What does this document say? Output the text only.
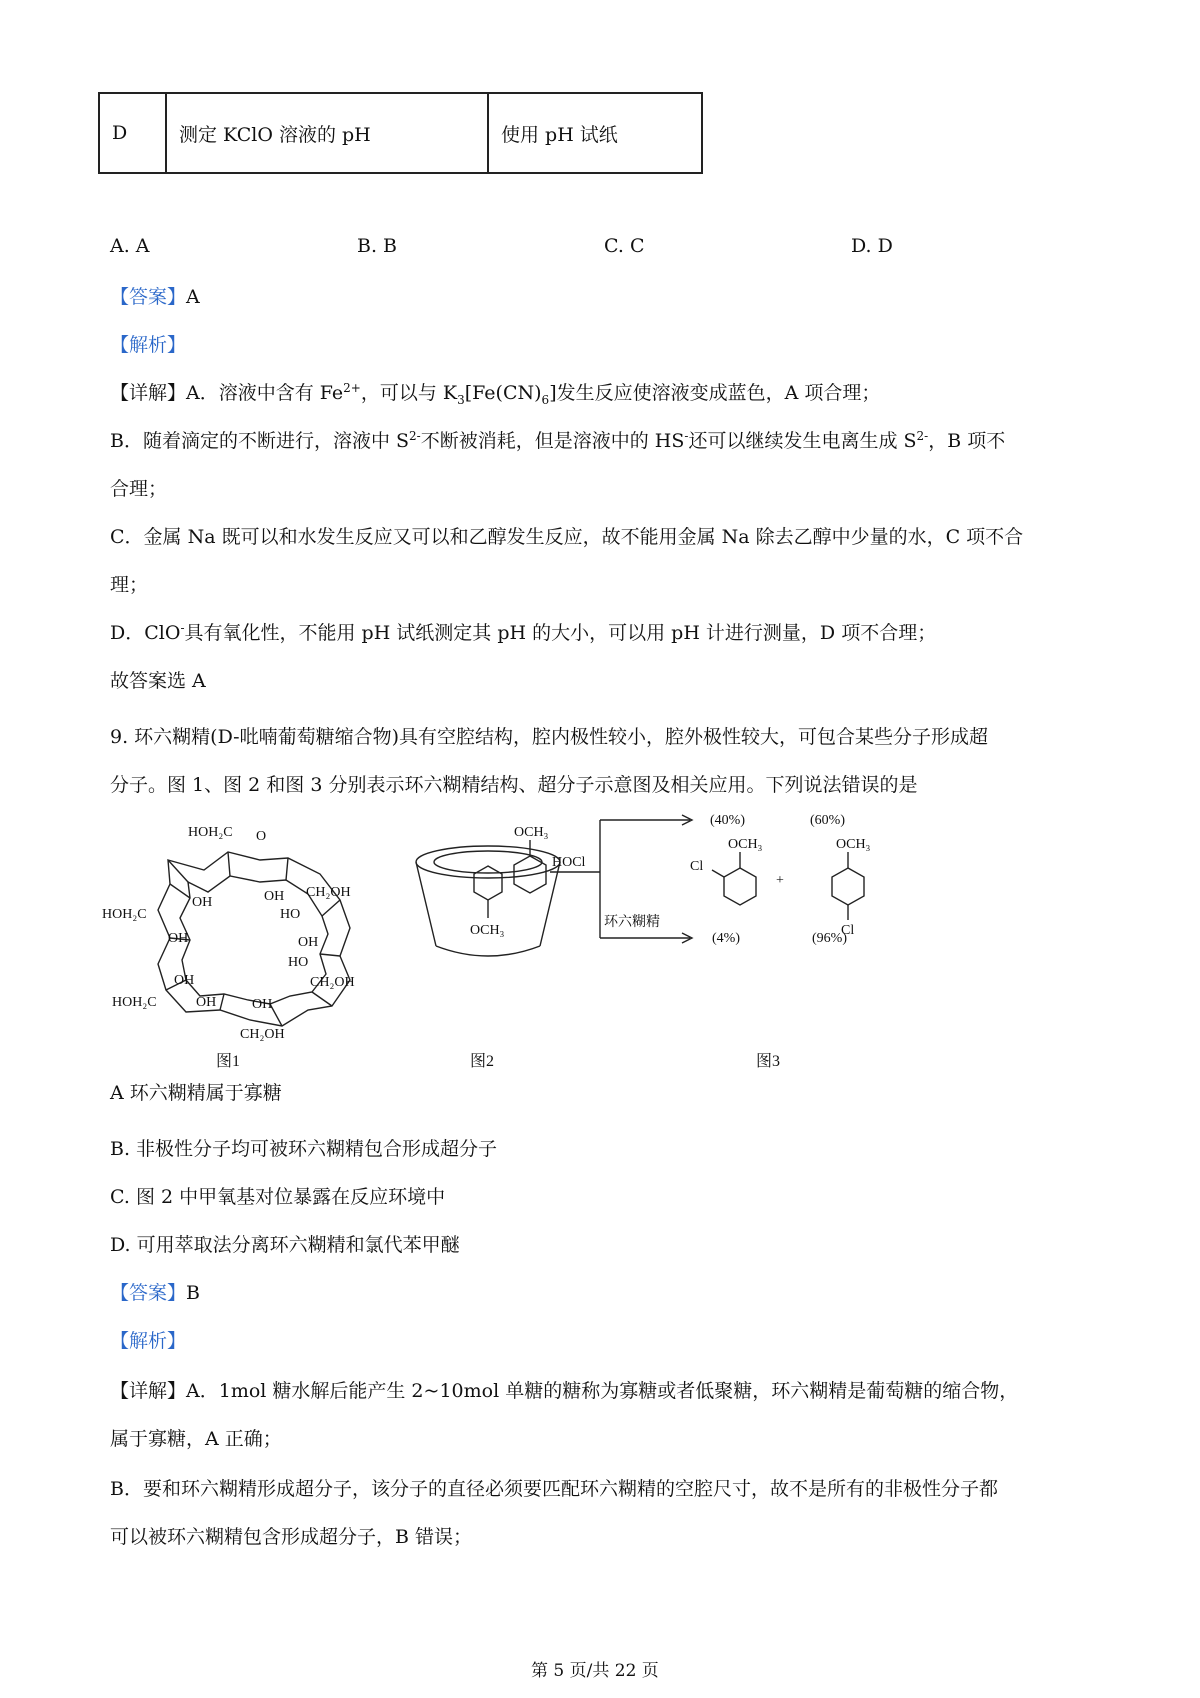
D	测定 KClO 溶液的 pH	使用 pH 试纸
A. A	B. B	C. C	D. D
【答案】A
【解析】
【详解】A．溶液中含有 $Fe^{2+}$，可以与 $K_3[Fe(CN)_6]$发生反应使溶液变成蓝色，A 项合理；
B．随着滴定的不断进行，溶液中 $S^{2-}$不断被消耗，但是溶液中的 HS-还可以继续发生电离生成 $S^{2-}$，B 项不
合理；
C．金属 Na 既可以和水发生反应又可以和乙醇发生反应，故不能用金属 Na 除去乙醇中少量的水，C 项不合
理；
D．ClO-具有氧化性，不能用 pH 试纸测定其 pH 的大小，可以用 pH 计进行测量，D 项不合理；
故答案选 A
9. 环六糊精(D-吡喃葡萄糖缩合物)具有空腔结构，腔内极性较小，腔外极性较大，可包合某些分子形成超
分子。图 1、图 2 和图 3 分别表示环六糊精结构、超分子示意图及相关应用。下列说法错误的是
HOH₂C O
OH	OH CH₂OH
HOH₂C	HO
OH	OH
OH
HO
CH₂OH
HOH₂C	OH	OH
CH₂OH
OCH₃
OCH₃
HOCl
环六糊精
(40%)	(60%)
OCH₃	OCH₃
Cl
+
Cl
(4%)	(96%)
图1	图2	图3
A 环六糊精属于寡糖
B. 非极性分子均可被环六糊精包合形成超分子
C. 图 2 中甲氧基对位暴露在反应环境中
D. 可用萃取法分离环六糊精和氯代苯甲醚
【答案】B
【解析】
【详解】A．1mol 糖水解后能产生 2~10mol 单糖的糖称为寡糖或者低聚糖，环六糊精是葡萄糖的缩合物，
属于寡糖，A 正确；
B．要和环六糊精形成超分子，该分子的直径必须要匹配环六糊精的空腔尺寸，故不是所有的非极性分子都
可以被环六糊精包含形成超分子，B 错误；
第 5 页/共 22 页
